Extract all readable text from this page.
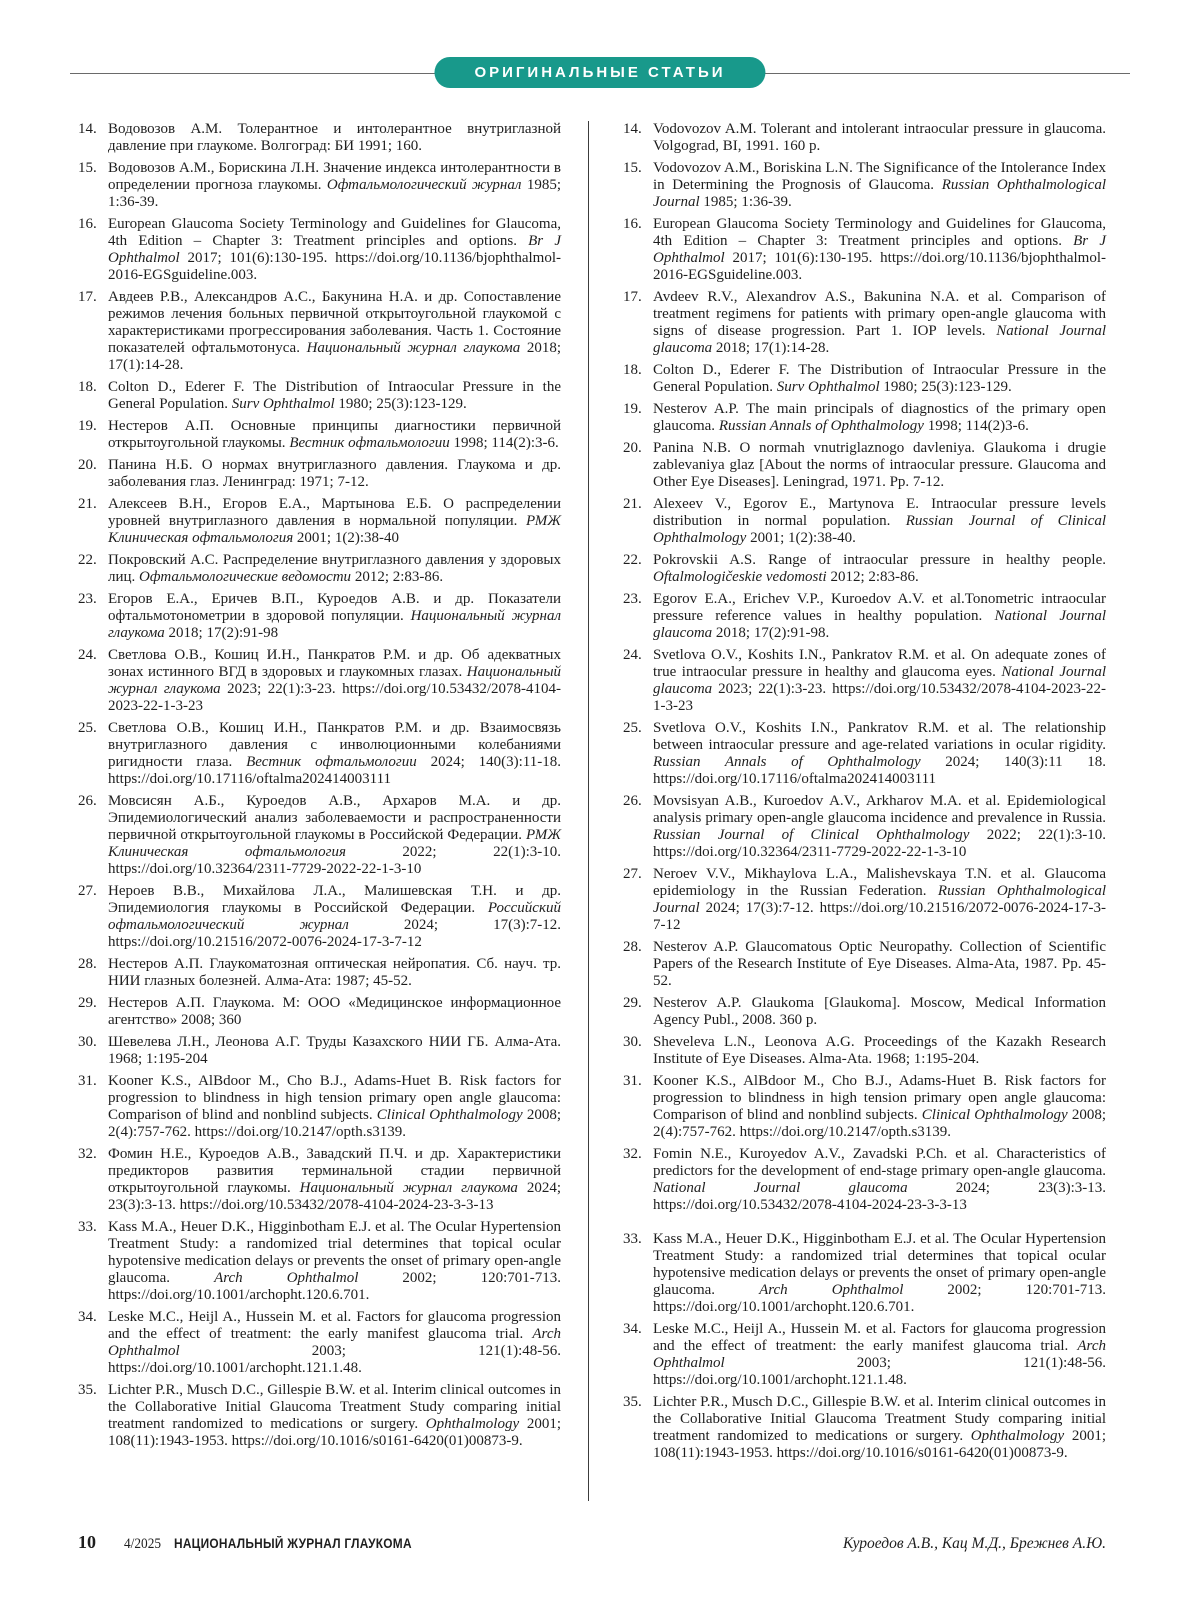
ОРИГИНАЛЬНЫЕ СТАТЬИ
14. Водовозов А.М. Толерантное и интолерантное внутриглазной давление при глаукоме. Волгоград: БИ 1991; 160.
15. Водовозов А.М., Борискина Л.Н. Значение индекса интолерантности в определении прогноза глаукомы. Офтальмологический журнал 1985; 1:36-39.
16. European Glaucoma Society Terminology and Guidelines for Glaucoma, 4th Edition – Chapter 3: Treatment principles and options. Br J Ophthalmol 2017; 101(6):130-195. https://doi.org/10.1136/bjophthalmol-2016-EGSguideline.003.
17. Авдеев Р.В., Александров А.С., Бакунина Н.А. и др. Сопоставление режимов лечения больных первичной открытоугольной глаукомой с характеристиками прогрессирования заболевания. Часть 1. Состояние показателей офтальмотонуса. Национальный журнал глаукома 2018; 17(1):14-28.
18. Colton D., Ederer F. The Distribution of Intraocular Pressure in the General Population. Surv Ophthalmol 1980; 25(3):123-129.
19. Нестеров А.П. Основные принципы диагностики первичной открытоугольной глаукомы. Вестник офтальмологии 1998; 114(2):3-6.
20. Панина Н.Б. О нормах внутриглазного давления. Глаукома и др. заболевания глаз. Ленинград: 1971; 7-12.
21. Алексеев В.Н., Егоров Е.А., Мартынова Е.Б. О распределении уровней внутриглазного давления в нормальной популяции. РМЖ Клиническая офтальмология 2001; 1(2):38-40
22. Покровский А.С. Распределение внутриглазного давления у здоровых лиц. Офтальмологические ведомости 2012; 2:83-86.
23. Егоров Е.А., Еричев В.П., Куроедов А.В. и др. Показатели офтальмотонометрии в здоровой популяции. Национальный журнал глаукома 2018; 17(2):91-98
24. Светлова О.В., Кошиц И.Н., Панкратов Р.М. и др. Об адекватных зонах истинного ВГД в здоровых и глаукомных глазах. Национальный журнал глаукома 2023; 22(1):3-23. https://doi.org/10.53432/2078-4104-2023-22-1-3-23
25. Светлова О.В., Кошиц И.Н., Панкратов Р.М. и др. Взаимосвязь внутриглазного давления с инволюционными колебаниями ригидности глаза. Вестник офтальмологии 2024; 140(3):11-18. https://doi.org/10.17116/oftalma202414003111
26. Мовсисян А.Б., Куроедов А.В., Архаров М.А. и др. Эпидемиологический анализ заболеваемости и распространенности первичной открытоугольной глаукомы в Российской Федерации. РМЖ Клиническая офтальмология 2022; 22(1):3-10. https://doi.org/10.32364/2311-7729-2022-22-1-3-10
27. Нероев В.В., Михайлова Л.А., Малишевская Т.Н. и др. Эпидемиология глаукомы в Российской Федерации. Российский офтальмологический журнал 2024; 17(3):7-12. https://doi.org/10.21516/2072-0076-2024-17-3-7-12
28. Нестеров А.П. Глаукоматозная оптическая нейропатия. Сб. науч. тр. НИИ глазных болезней. Алма-Ата: 1987; 45-52.
29. Нестеров А.П. Глаукома. М: ООО «Медицинское информационное агентство» 2008; 360
30. Шевелева Л.Н., Леонова А.Г. Труды Казахского НИИ ГБ. Алма-Ата. 1968; 1:195-204
31. Kooner K.S., AlBdoor M., Cho B.J., Adams-Huet B. Risk factors for progression to blindness in high tension primary open angle glaucoma: Comparison of blind and nonblind subjects. Clinical Ophthalmology 2008; 2(4):757-762. https://doi.org/10.2147/opth.s3139.
32. Фомин Н.Е., Куроедов А.В., Завадский П.Ч. и др. Характеристики предикторов развития терминальной стадии первичной открытоугольной глаукомы. Национальный журнал глаукома 2024; 23(3):3-13. https://doi.org/10.53432/2078-4104-2024-23-3-3-13
33. Kass M.A., Heuer D.K., Higginbotham E.J. et al. The Ocular Hypertension Treatment Study: a randomized trial determines that topical ocular hypotensive medication delays or prevents the onset of primary open-angle glaucoma. Arch Ophthalmol 2002; 120:701-713. https://doi.org/10.1001/archopht.120.6.701.
34. Leske M.C., Heijl A., Hussein M. et al. Factors for glaucoma progression and the effect of treatment: the early manifest glaucoma trial. Arch Ophthalmol 2003; 121(1):48-56. https://doi.org/10.1001/archopht.121.1.48.
35. Lichter P.R., Musch D.C., Gillespie B.W. et al. Interim clinical outcomes in the Collaborative Initial Glaucoma Treatment Study comparing initial treatment randomized to medications or surgery. Ophthalmology 2001; 108(11):1943-1953. https://doi.org/10.1016/s0161-6420(01)00873-9.
14. Vodovozov A.M. Tolerant and intolerant intraocular pressure in glaucoma. Volgograd, BI, 1991. 160 p.
15. Vodovozov A.M., Boriskina L.N. The Significance of the Intolerance Index in Determining the Prognosis of Glaucoma. Russian Ophthalmological Journal 1985; 1:36-39.
16. European Glaucoma Society Terminology and Guidelines for Glaucoma, 4th Edition – Chapter 3: Treatment principles and options. Br J Ophthalmol 2017; 101(6):130-195. https://doi.org/10.1136/bjophthalmol-2016-EGSguideline.003.
17. Avdeev R.V., Alexandrov A.S., Bakunina N.A. et al. Comparison of treatment regimens for patients with primary open-angle glaucoma with signs of disease progression. Part 1. IOP levels. National Journal glaucoma 2018; 17(1):14-28.
18. Colton D., Ederer F. The Distribution of Intraocular Pressure in the General Population. Surv Ophthalmol 1980; 25(3):123-129.
19. Nesterov A.P. The main principals of diagnostics of the primary open glaucoma. Russian Annals of Ophthalmology 1998; 114(2)3-6.
20. Panina N.B. O normah vnutriglaznogo davleniya. Glaukoma i drugie zablevaniya glaz [About the norms of intraocular pressure. Glaucoma and Other Eye Diseases]. Leningrad, 1971. Pp. 7-12.
21. Alexeev V., Egorov E., Martynova E. Intraocular pressure levels distribution in normal population. Russian Journal of Clinical Ophthalmology 2001; 1(2):38-40.
22. Pokrovskii A.S. Range of intraocular pressure in healthy people. Oftalmologičeskie vedomosti 2012; 2:83-86.
23. Egorov E.A., Erichev V.P., Kuroedov A.V. et al.Tonometric intraocular pressure reference values in healthy population. National Journal glaucoma 2018; 17(2):91-98.
24. Svetlova O.V., Koshits I.N., Pankratov R.M. et al. On adequate zones of true intraocular pressure in healthy and glaucoma eyes. National Journal glaucoma 2023; 22(1):3-23. https://doi.org/10.53432/2078-4104-2023-22-1-3-23
25. Svetlova O.V., Koshits I.N., Pankratov R.M. et al. The relationship between intraocular pressure and age-related variations in ocular rigidity. Russian Annals of Ophthalmology 2024; 140(3):11 18. https://doi.org/10.17116/oftalma202414003111
26. Movsisyan A.B., Kuroedov A.V., Arkharov M.A. et al. Epidemiological analysis primary open-angle glaucoma incidence and prevalence in Russia. Russian Journal of Clinical Ophthalmology 2022; 22(1):3-10. https://doi.org/10.32364/2311-7729-2022-22-1-3-10
27. Neroev V.V., Mikhaylova L.A., Malishevskaya T.N. et al. Glaucoma epidemiology in the Russian Federation. Russian Ophthalmological Journal 2024; 17(3):7-12. https://doi.org/10.21516/2072-0076-2024-17-3-7-12
28. Nesterov A.P. Glaucomatous Optic Neuropathy. Collection of Scientific Papers of the Research Institute of Eye Diseases. Alma-Ata, 1987. Pp. 45-52.
29. Nesterov A.P. Glaukoma [Glaukoma]. Moscow, Medical Information Agency Publ., 2008. 360 p.
30. Sheveleva L.N., Leonova A.G. Proceedings of the Kazakh Research Institute of Eye Diseases. Alma-Ata. 1968; 1:195-204.
31. Kooner K.S., AlBdoor M., Cho B.J., Adams-Huet B. Risk factors for progression to blindness in high tension primary open angle glaucoma: Comparison of blind and nonblind subjects. Clinical Ophthalmology 2008; 2(4):757-762. https://doi.org/10.2147/opth.s3139.
32. Fomin N.E., Kuroyedov A.V., Zavadski P.Ch. et al. Characteristics of predictors for the development of end-stage primary open-angle glaucoma. National Journal glaucoma 2024; 23(3):3-13. https://doi.org/10.53432/2078-4104-2024-23-3-3-13
33. Kass M.A., Heuer D.K., Higginbotham E.J. et al. The Ocular Hypertension Treatment Study: a randomized trial determines that topical ocular hypotensive medication delays or prevents the onset of primary open-angle glaucoma. Arch Ophthalmol 2002; 120:701-713. https://doi.org/10.1001/archopht.120.6.701.
34. Leske M.C., Heijl A., Hussein M. et al. Factors for glaucoma progression and the effect of treatment: the early manifest glaucoma trial. Arch Ophthalmol 2003; 121(1):48-56. https://doi.org/10.1001/archopht.121.1.48.
35. Lichter P.R., Musch D.C., Gillespie B.W. et al. Interim clinical outcomes in the Collaborative Initial Glaucoma Treatment Study comparing initial treatment randomized to medications or surgery. Ophthalmology 2001; 108(11):1943-1953. https://doi.org/10.1016/s0161-6420(01)00873-9.
10 4/2025 НАЦИОНАЛЬНЫЙ ЖУРНАЛ ГЛАУКОМА	Куроедов А.В., Кац М.Д., Брежнев А.Ю.
